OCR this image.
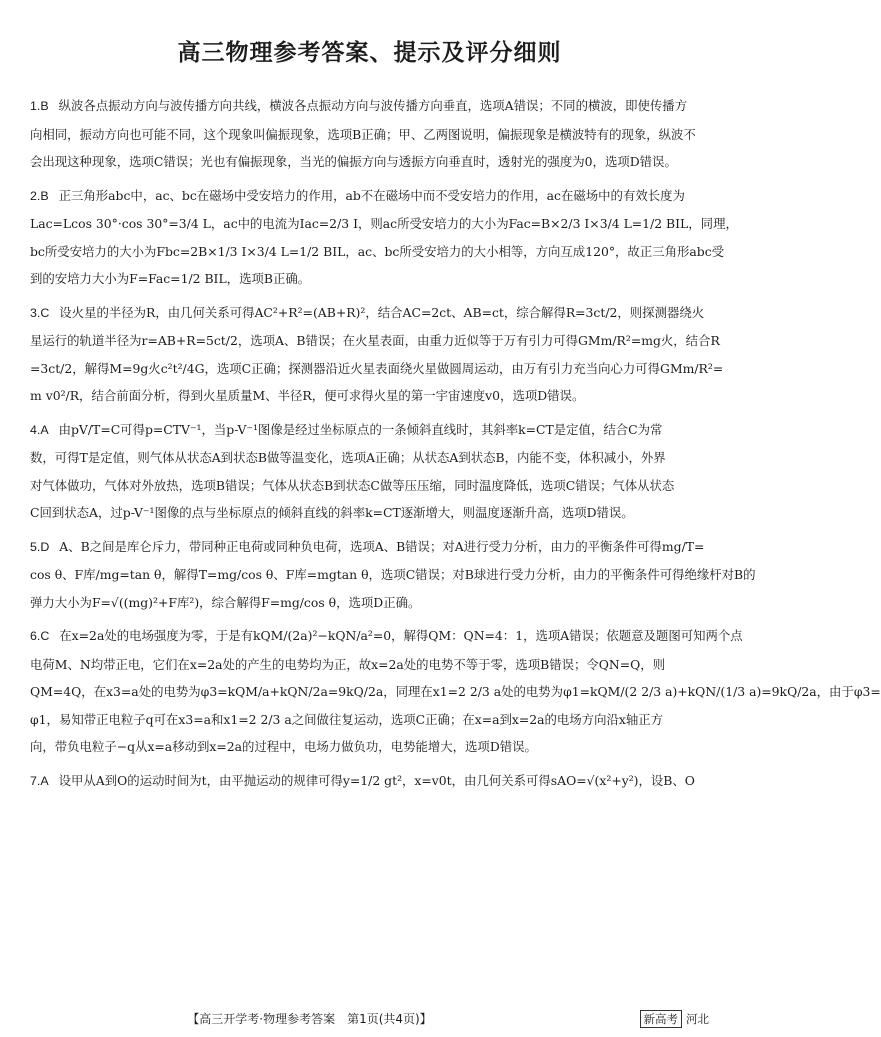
高三物理参考答案、提示及评分细则
1.B 纵波各点振动方向与波传播方向共线，横波各点振动方向与波传播方向垂直，选项A错误；不同的横波，即使传播方
向相同，振动方向也可能不同，这个现象叫偏振现象，选项B正确；甲、乙两图说明，偏振现象是横波特有的现象，纵波不
会出现这种现象，选项C错误；光也有偏振现象，当光的偏振方向与透振方向垂直时，透射光的强度为0，选项D错误。
2.B 正三角形abc中，ac、bc在磁场中受安培力的作用，ab不在磁场中而不受安培力的作用，ac在磁场中的有效长度为
Lac=Lcos 30°·cos 30°=3/4 L，ac中的电流为Iac=2/3 I，则ac所受安培力的大小为Fac=B×2/3 I×3/4 L=1/2 BIL，同理，
bc所受安培力的大小为Fbc=2B×1/3 I×3/4 L=1/2 BIL，ac、bc所受安培力的大小相等，方向互成120°，故正三角形abc受
到的安培力大小为F=Fac=1/2 BIL，选项B正确。
3.C 设火星的半径为R，由几何关系可得AC²+R²=(AB+R)²，结合AC=2ct、AB=ct，综合解得R=3ct/2，则探测器绕火
星运行的轨道半径为r=AB+R=5ct/2，选项A、B错误；在火星表面，由重力近似等于万有引力可得GMm/R²=mg火，结合R
=3ct/2，解得M=9g火c²t²/4G，选项C正确；探测器沿近火星表面绕火星做圆周运动，由万有引力充当向心力可得GMm/R²=
m v0²/R，结合前面分析，得到火星质量M、半径R，便可求得火星的第一宇宙速度v0，选项D错误。
4.A 由pV/T=C可得p=CTV⁻¹，当p-V⁻¹图像是经过坐标原点的一条倾斜直线时，其斜率k=CT是定值，结合C为常
数，可得T是定值，则气体从状态A到状态B做等温变化，选项A正确；从状态A到状态B，内能不变，体积减小，外界
对气体做功，气体对外放热，选项B错误；气体从状态B到状态C做等压压缩，同时温度降低，选项C错误；气体从状态
C回到状态A，过p-V⁻¹图像的点与坐标原点的倾斜直线的斜率k=CT逐渐增大，则温度逐渐升高，选项D错误。
5.D A、B之间是库仑斥力，带同种正电荷或同种负电荷，选项A、B错误；对A进行受力分析，由力的平衡条件可得mg/T=
cos θ、F库/mg=tan θ，解得T=mg/cos θ、F库=mgtan θ，选项C错误；对B球进行受力分析，由力的平衡条件可得绝缘杆对B的
弹力大小为F=√((mg)²+F库²)，综合解得F=mg/cos θ，选项D正确。
6.C 在x=2a处的电场强度为零，于是有kQM/(2a)²−kQN/a²=0，解得QM：QN=4：1，选项A错误；依题意及题图可知两个点
电荷M、N均带正电，它们在x=2a处的产生的电势均为正，故x=2a处的电势不等于零，选项B错误；令QN=Q，则
QM=4Q，在x3=a处的电势为φ3=kQM/a+kQN/2a=9kQ/2a，同理在x1=2 2/3 a处的电势为φ1=kQM/(2 2/3 a)+kQN/(1/3 a)=9kQ/2a，由于φ3=
φ1，易知带正电粒子q可在x3=a和x1=2 2/3 a之间做往复运动，选项C正确；在x=a到x=2a的电场方向沿x轴正方
向，带负电粒子−q从x=a移动到x=2a的过程中，电场力做负功，电势能增大，选项D错误。
7.A 设甲从A到O的运动时间为t，由平抛运动的规律可得y=1/2 gt²，x=v0t，由几何关系可得sAO=√(x²+y²)，设B、O
【高三开学考·物理参考答案　第1页(共4页)】	新高考 河北
